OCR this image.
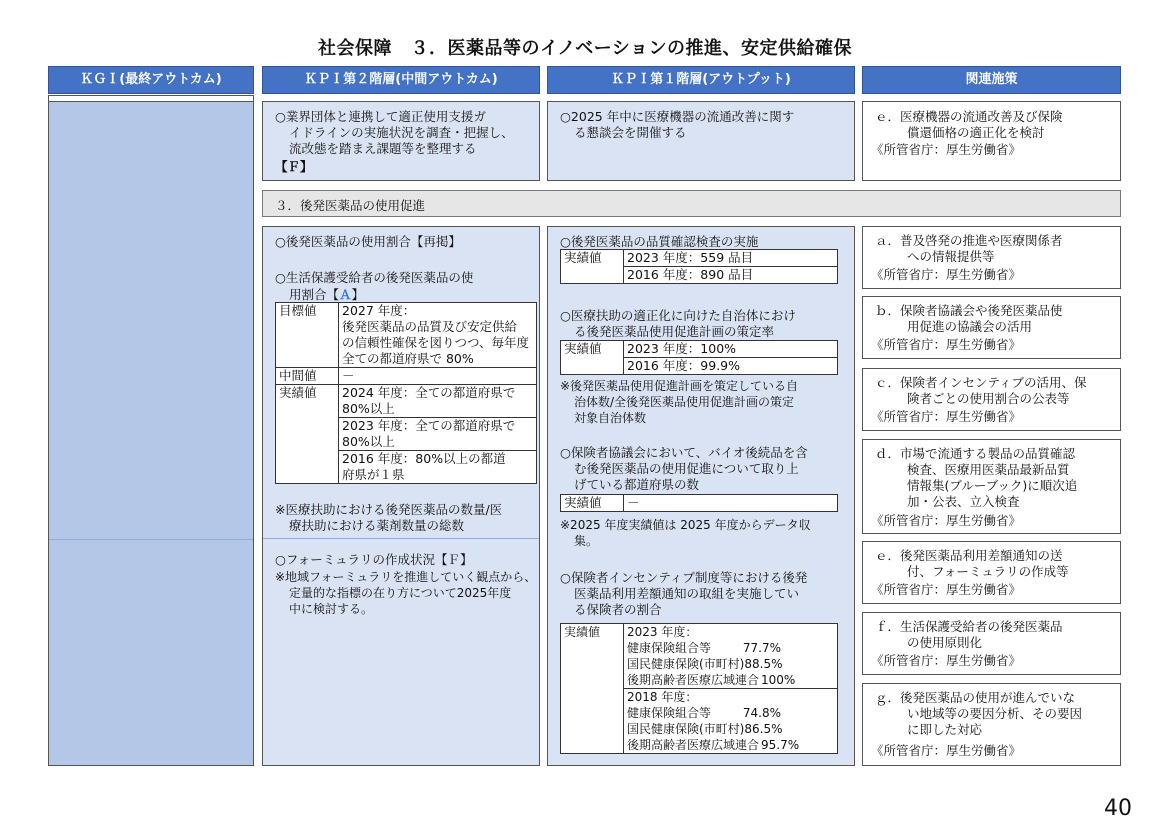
社会保障　３．医薬品等のイノベーションの推進、安定供給確保
ＫＧＩ(最終アウトカム)	ＫＰＩ第２階層(中間アウトカム)	ＫＰＩ第１階層(アウトプット)	関連施策
○業界団体と連携して適正使用支援ガ
イドラインの実施状況を調査・把握し、
流改態を踏まえ課題等を整理する
【Ｆ】
○2025 年中に医療機器の流通改善に関す
る懇談会を開催する
ｅ．医療機器の流通改善及び保険
償還価格の適正化を検討
《所管省庁：厚生労働省》
３．後発医薬品の使用促進
○後発医薬品の使用割合【再掲】
○生活保護受給者の後発医薬品の使
用割合【Ａ】
目標値	2027 年度：
後発医薬品の品質及び安定供給
の信頼性確保を図りつつ、毎年度
全ての都道府県で 80%

中間値	－
実績値	2024 年度：全ての都道府県で
80%以上

	2023 年度：全ての都道府県で
80%以上

	2016 年度：80%以上の都道
府県が１県
※医療扶助における後発医薬品の数量/医
療扶助における薬剤数量の総数
○フォーミュラリの作成状況【Ｆ】
※地域フォーミュラリを推進していく観点から、
定量的な指標の在り方について2025年度
中に検討する。
○後発医薬品の品質確認検査の実施
実績値	2023 年度：559 品目
2016 年度：890 品目
○医療扶助の適正化に向けた自治体におけ
る後発医薬品使用促進計画の策定率
実績値	2023 年度：100%
2016 年度：99.9%
※後発医薬品使用促進計画を策定している自
治体数/全後発医薬品使用促進計画の策定
対象自治体数
○保険者協議会において、バイオ後続品を含
む後発医薬品の使用促進について取り上
げている都道府県の数
実績値	－
※2025 年度実績値は 2025 年度からデータ収
集。
○保険者インセンティブ制度等における後発
医薬品利用差額通知の取組を実施してい
る保険者の割合
実績値	2023 年度：
健康保険組合等	77.7%
国民健康保険(市町村)88.5%
後期高齢者医療広域連合 100%

2018 年度：
健康保険組合等	74.8%
国民健康保険(市町村)86.5%
後期高齢者医療広域連合 95.7%
ａ．普及啓発の推進や医療関係者
への情報提供等
《所管省庁：厚生労働省》
ｂ．保険者協議会や後発医薬品使
用促進の協議会の活用
《所管省庁：厚生労働省》
ｃ．保険者インセンティブの活用、保
険者ごとの使用割合の公表等
《所管省庁：厚生労働省》
ｄ．市場で流通する製品の品質確認
検査、医療用医薬品最新品質
情報集(ブルーブック)に順次追
加・公表、立入検査
《所管省庁：厚生労働省》
ｅ．後発医薬品利用差額通知の送
付、フォーミュラリの作成等
《所管省庁：厚生労働省》
ｆ．生活保護受給者の後発医薬品
の使用原則化
《所管省庁：厚生労働省》
ｇ．後発医薬品の使用が進んでいな
い地域等の要因分析、その要因
に即した対応
《所管省庁：厚生労働省》
40
